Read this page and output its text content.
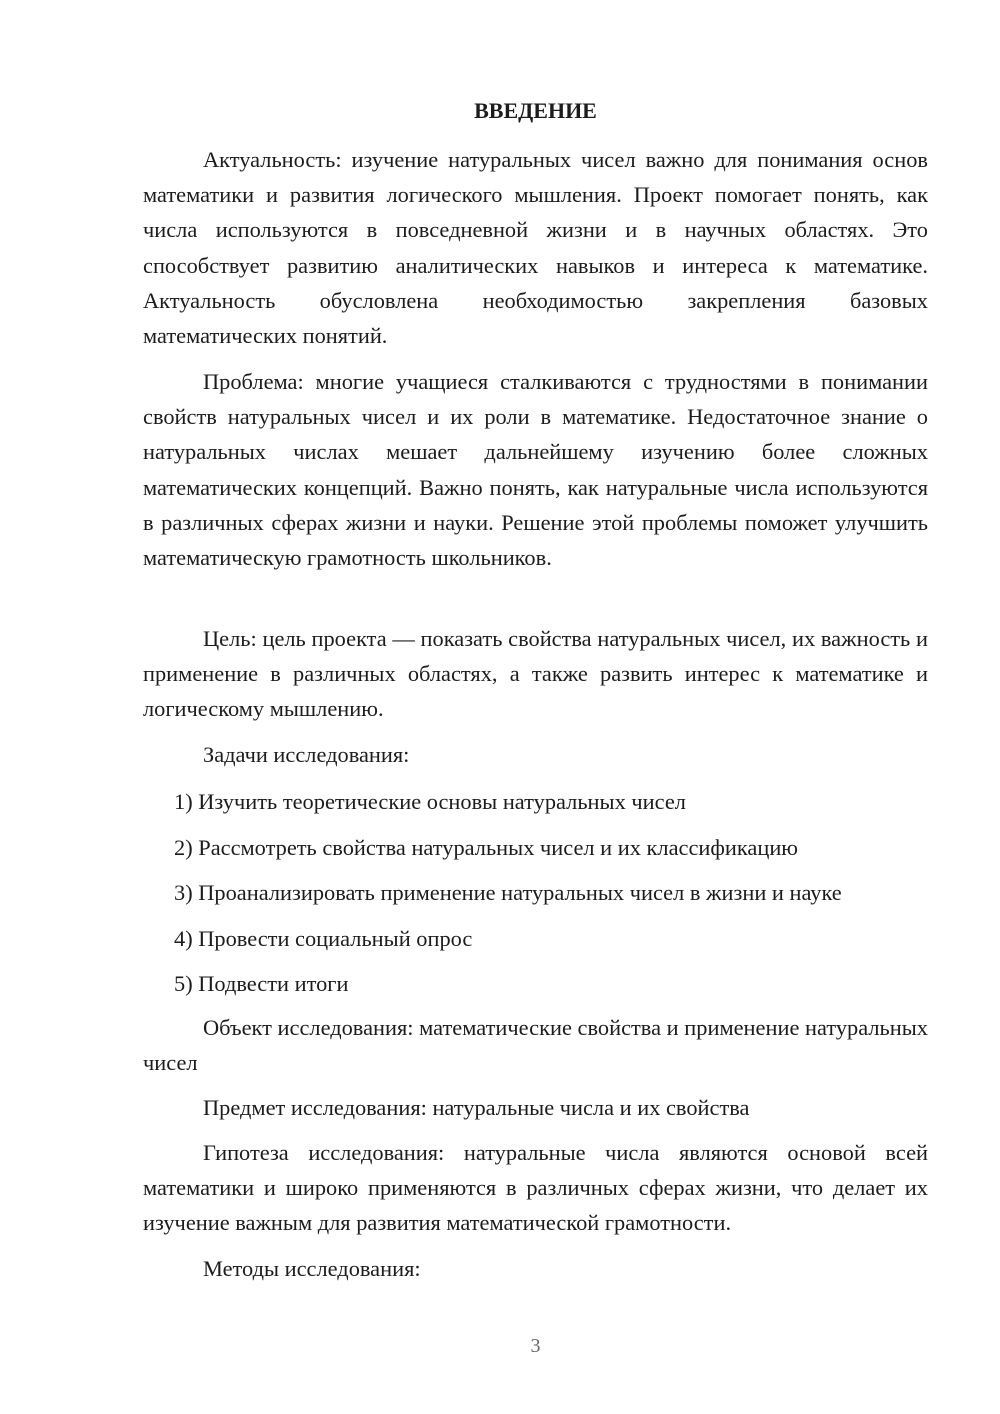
ВВЕДЕНИЕ

Актуальность: изучение натуральных чисел важно для понимания основ математики и развития логического мышления. Проект помогает понять, как числа используются в повседневной жизни и в научных областях. Это способствует развитию аналитических навыков и интереса к математике. Актуальность обусловлена необходимостью закрепления базовых математических понятий.

Проблема: многие учащиеся сталкиваются с трудностями в понимании свойств натуральных чисел и их роли в математике. Недостаточное знание о натуральных числах мешает дальнейшему изучению более сложных математических концепций. Важно понять, как натуральные числа используются в различных сферах жизни и науки. Решение этой проблемы поможет улучшить математическую грамотность школьников.

Цель: цель проекта — показать свойства натуральных чисел, их важность и применение в различных областях, а также развить интерес к математике и логическому мышлению.

Задачи исследования:

1) Изучить теоретические основы натуральных чисел
2) Рассмотреть свойства натуральных чисел и их классификацию
3) Проанализировать применение натуральных чисел в жизни и науке
4) Провести социальный опрос
5) Подвести итоги

Объект исследования: математические свойства и применение натуральных чисел

Предмет исследования: натуральные числа и их свойства

Гипотеза исследования: натуральные числа являются основой всей математики и широко применяются в различных сферах жизни, что делает их изучение важным для развития математической грамотности.

Методы исследования:

3
